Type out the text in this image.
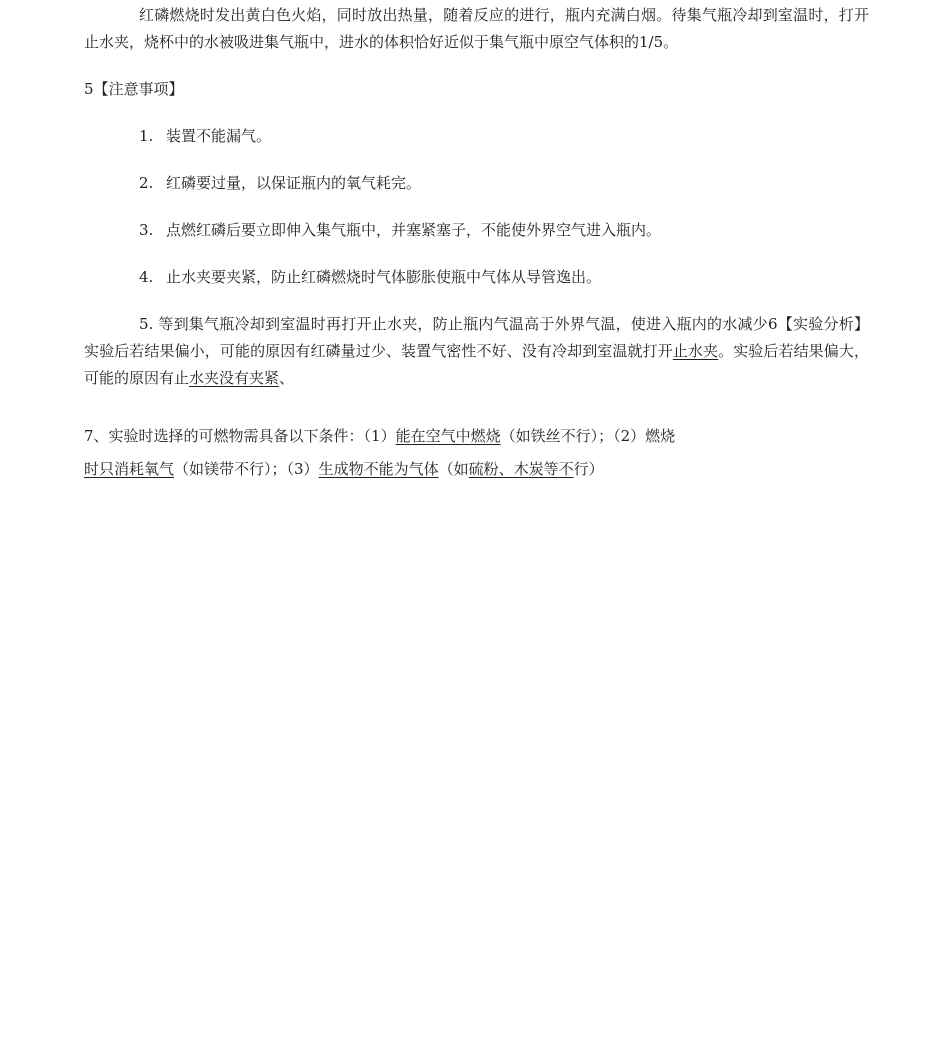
红磷燃烧时发出黄白色火焰，同时放出热量，随着反应的进行，瓶内充满白烟。待集气瓶冷却到室温时，打开止水夹，烧杯中的水被吸进集气瓶中，进水的体积恰好近似于集气瓶中原空气体积的1/5。

5【注意事项】

1. 装置不能漏气。

2. 红磷要过量，以保证瓶内的氧气耗完。

3. 点燃红磷后要立即伸入集气瓶中，并塞紧塞子，不能使外界空气进入瓶内。

4. 止水夹要夹紧，防止红磷燃烧时气体膨胀使瓶中气体从导管逸出。

5. 等到集气瓶冷却到室温时再打开止水夹，防止瓶内气温高于外界气温，使进入瓶内的水减少6【实验分析】实验后若结果偏小，可能的原因有红磷量过少、装置气密性不好、没有冷却到室温就打开止水夹。实验后若结果偏大，可能的原因有止水夹没有夹紧、

7、实验时选择的可燃物需具备以下条件：（1）能在空气中燃烧（如铁丝不行）；（2）燃烧
时只消耗氧气（如镁带不行）；（3）生成物不能为气体（如硫粉、木炭等不行）
